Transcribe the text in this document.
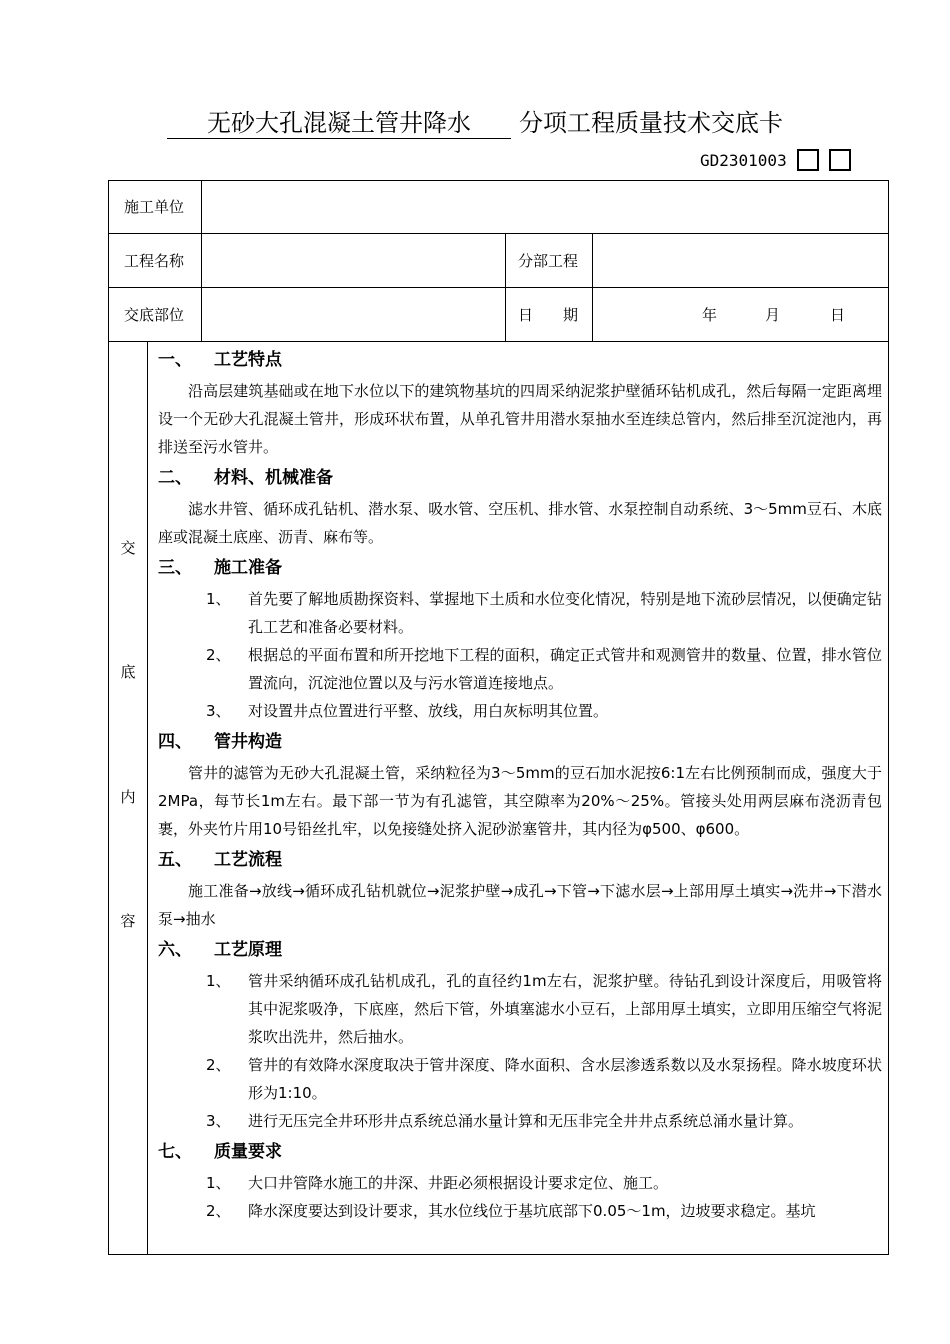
无砂大孔混凝土管井降水 分项工程质量技术交底卡
GD2301003
施工单位
工程名称	分部工程
交底部位	日　　期	年	月	日
交
底
内
容
一、 工艺特点
沿高层建筑基础或在地下水位以下的建筑物基坑的四周采纳泥浆护壁循环钻机成孔，然后每隔一定距离埋设一个无砂大孔混凝土管井，形成环状布置，从单孔管井用潜水泵抽水至连续总管内，然后排至沉淀池内，再排送至污水管井。
二、 材料、机械准备
滤水井管、循环成孔钻机、潜水泵、吸水管、空压机、排水管、水泵控制自动系统、3～5mm豆石、木底座或混凝土底座、沥青、麻布等。
三、 施工准备
1、	首先要了解地质勘探资料、掌握地下土质和水位变化情况，特别是地下流砂层情况，以便确定钻孔工艺和准备必要材料。
2、	根据总的平面布置和所开挖地下工程的面积，确定正式管井和观测管井的数量、位置，排水管位置流向，沉淀池位置以及与污水管道连接地点。
3、	对设置井点位置进行平整、放线，用白灰标明其位置。
四、 管井构造
管井的滤管为无砂大孔混凝土管，采纳粒径为3～5mm的豆石加水泥按6:1左右比例预制而成，强度大于2MPa，每节长1m左右。最下部一节为有孔滤管，其空隙率为20%～25%。管接头处用两层麻布浇沥青包裹，外夹竹片用10号铅丝扎牢，以免接缝处挤入泥砂淤塞管井，其内径为φ500、φ600。
五、 工艺流程
施工准备→放线→循环成孔钻机就位→泥浆护壁→成孔→下管→下滤水层→上部用厚土填实→洗井→下潜水泵→抽水
六、 工艺原理
1、	管井采纳循环成孔钻机成孔，孔的直径约1m左右，泥浆护壁。待钻孔到设计深度后，用吸管将其中泥浆吸净，下底座，然后下管，外填塞滤水小豆石，上部用厚土填实，立即用压缩空气将泥浆吹出洗井，然后抽水。
2、	管井的有效降水深度取决于管井深度、降水面积、含水层渗透系数以及水泵扬程。降水坡度环状形为1:10。
3、	进行无压完全井环形井点系统总涌水量计算和无压非完全井井点系统总涌水量计算。
七、 质量要求
1、	大口井管降水施工的井深、井距必须根据设计要求定位、施工。
2、	降水深度要达到设计要求，其水位线位于基坑底部下0.05～1m，边坡要求稳定。基坑
